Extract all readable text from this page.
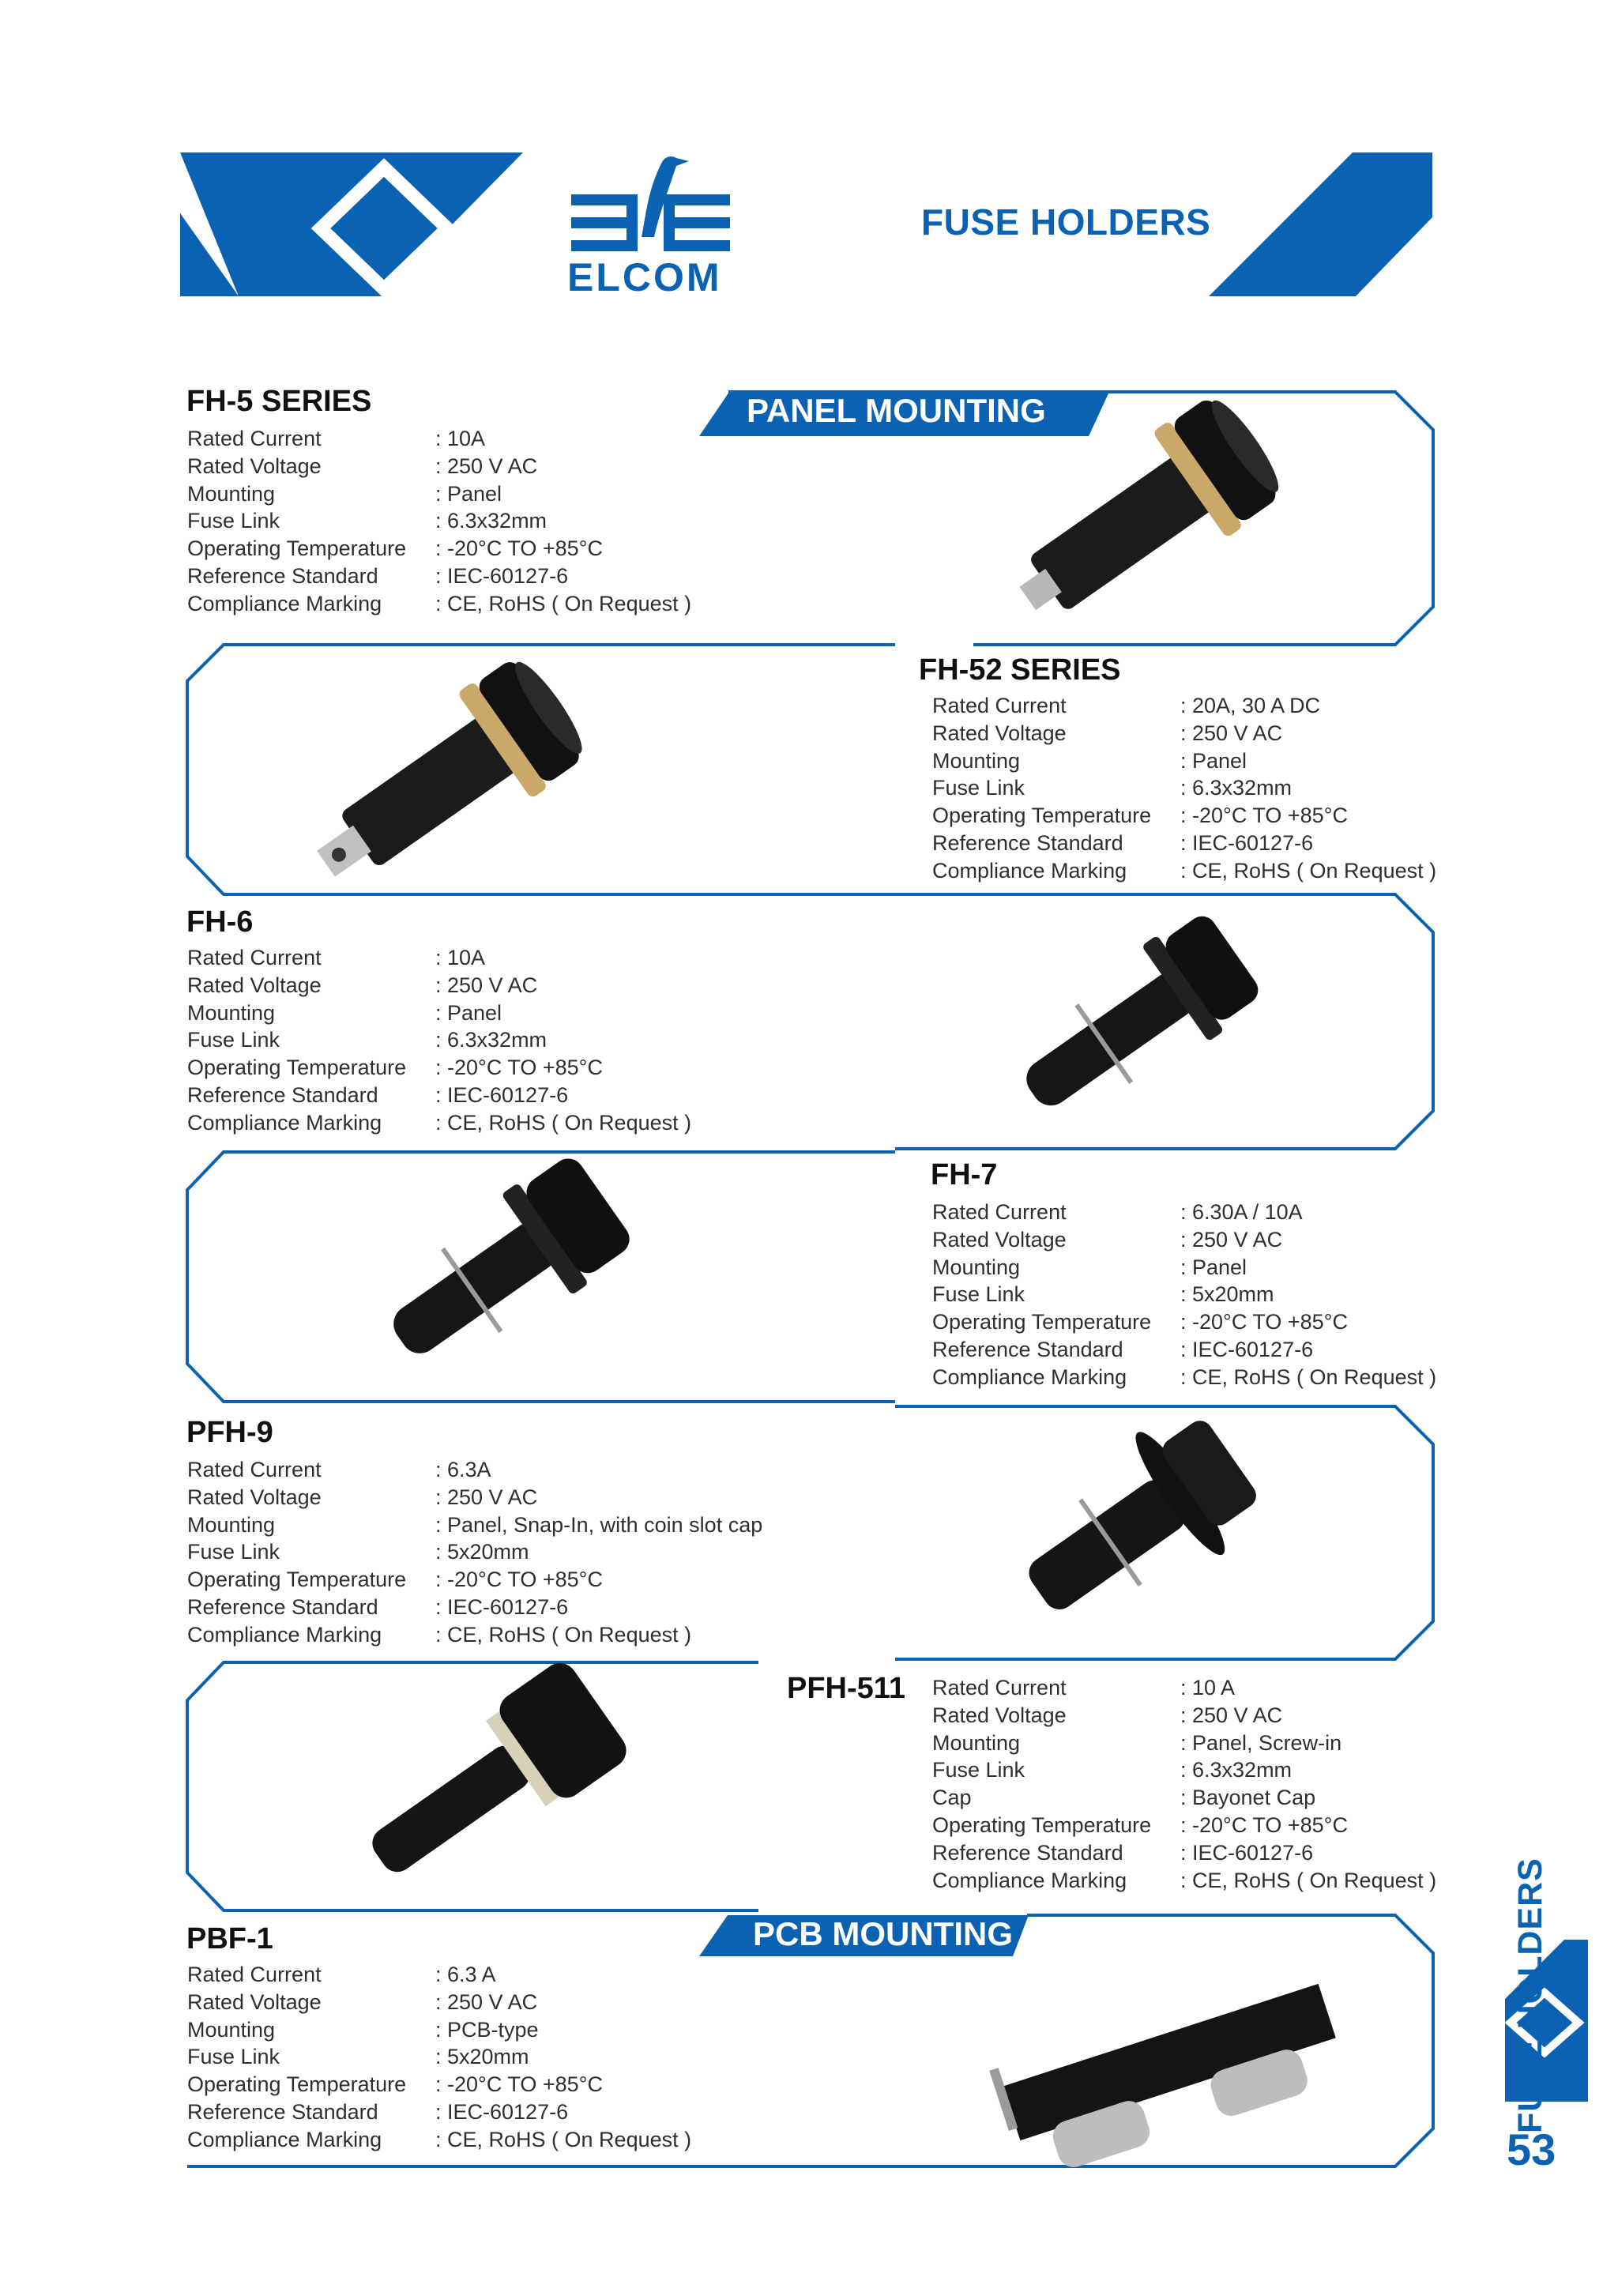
ELCOM
FUSE HOLDERS
PANEL MOUNTING
PCB MOUNTING
FH-5 SERIES
Rated Current	: 10A
Rated Voltage	: 250 V AC
Mounting	: Panel
Fuse Link	: 6.3x32mm
Operating Temperature	: -20°C TO +85°C
Reference Standard	: IEC-60127-6
Compliance Marking	: CE, RoHS ( On Request )
FH-52 SERIES
Rated Current	: 20A, 30 A DC
Rated Voltage	: 250 V AC
Mounting	: Panel
Fuse Link	: 6.3x32mm
Operating Temperature	: -20°C TO +85°C
Reference Standard	: IEC-60127-6
Compliance Marking	: CE, RoHS ( On Request )
FH-6
Rated Current	: 10A
Rated Voltage	: 250 V AC
Mounting	: Panel
Fuse Link	: 6.3x32mm
Operating Temperature	: -20°C TO +85°C
Reference Standard	: IEC-60127-6
Compliance Marking	: CE, RoHS ( On Request )
FH-7
Rated Current	: 6.30A / 10A
Rated Voltage	: 250 V AC
Mounting	: Panel
Fuse Link	: 5x20mm
Operating Temperature	: -20°C TO +85°C
Reference Standard	: IEC-60127-6
Compliance Marking	: CE, RoHS ( On Request )
PFH-9
Rated Current	: 6.3A
Rated Voltage	: 250 V AC
Mounting	: Panel, Snap-In, with coin slot cap
Fuse Link	: 5x20mm
Operating Temperature	: -20°C TO +85°C
Reference Standard	: IEC-60127-6
Compliance Marking	: CE, RoHS ( On Request )
PFH-511 Rated Current	: 10 A
Rated Voltage	: 250 V AC
Mounting	: Panel, Screw-in
Fuse Link	: 6.3x32mm
Cap	: Bayonet Cap
Operating Temperature	: -20°C TO +85°C
Reference Standard	: IEC-60127-6
Compliance Marking	: CE, RoHS ( On Request )
PBF-1
Rated Current	: 6.3 A
Rated Voltage	: 250 V AC
Mounting	: PCB-type
Fuse Link	: 5x20mm
Operating Temperature	: -20°C TO +85°C
Reference Standard	: IEC-60127-6
Compliance Marking	: CE, RoHS ( On Request )
FUSE HOLDERS
53
